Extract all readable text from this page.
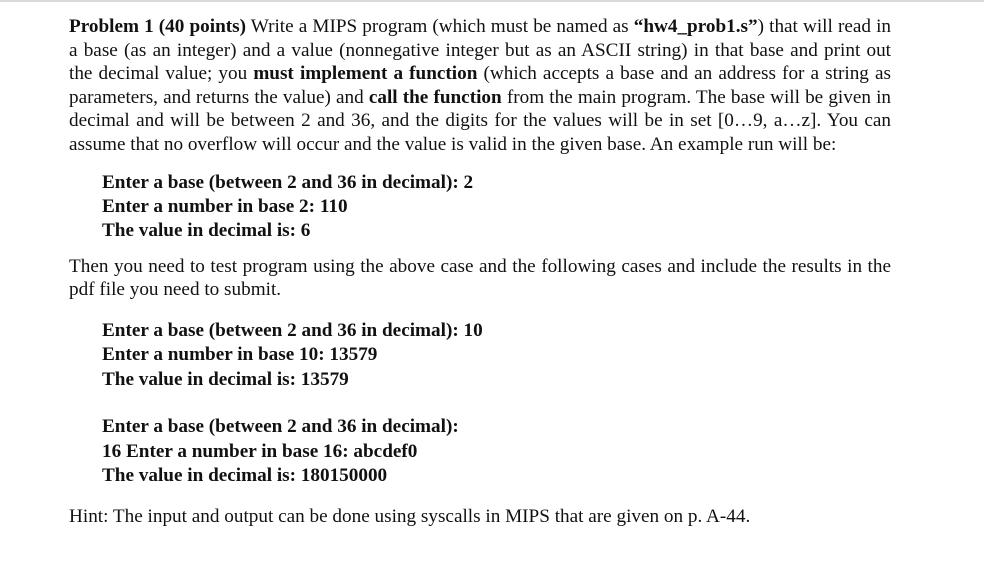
Problem 1 (40 points) Write a MIPS program (which must be named as “hw4_prob1.s”) that will read in a base (as an integer) and a value (nonnegative integer but as an ASCII string) in that base and print out the decimal value; you must implement a function (which accepts a base and an address for a string as parameters, and returns the value) and call the function from the main program. The base will be given in decimal and will be between 2 and 36, and the digits for the values will be in set [0…9, a…z]. You can assume that no overflow will occur and the value is valid in the given base. An example run will be:

Enter a base (between 2 and 36 in decimal): 2
Enter a number in base 2: 110
The value in decimal is: 6

Then you need to test program using the above case and the following cases and include the results in the pdf file you need to submit.

Enter a base (between 2 and 36 in decimal): 10
Enter a number in base 10: 13579
The value in decimal is: 13579
Enter a base (between 2 and 36 in decimal):
16 Enter a number in base 16: abcdef0
The value in decimal is: 180150000

Hint: The input and output can be done using syscalls in MIPS that are given on p. A-44.
